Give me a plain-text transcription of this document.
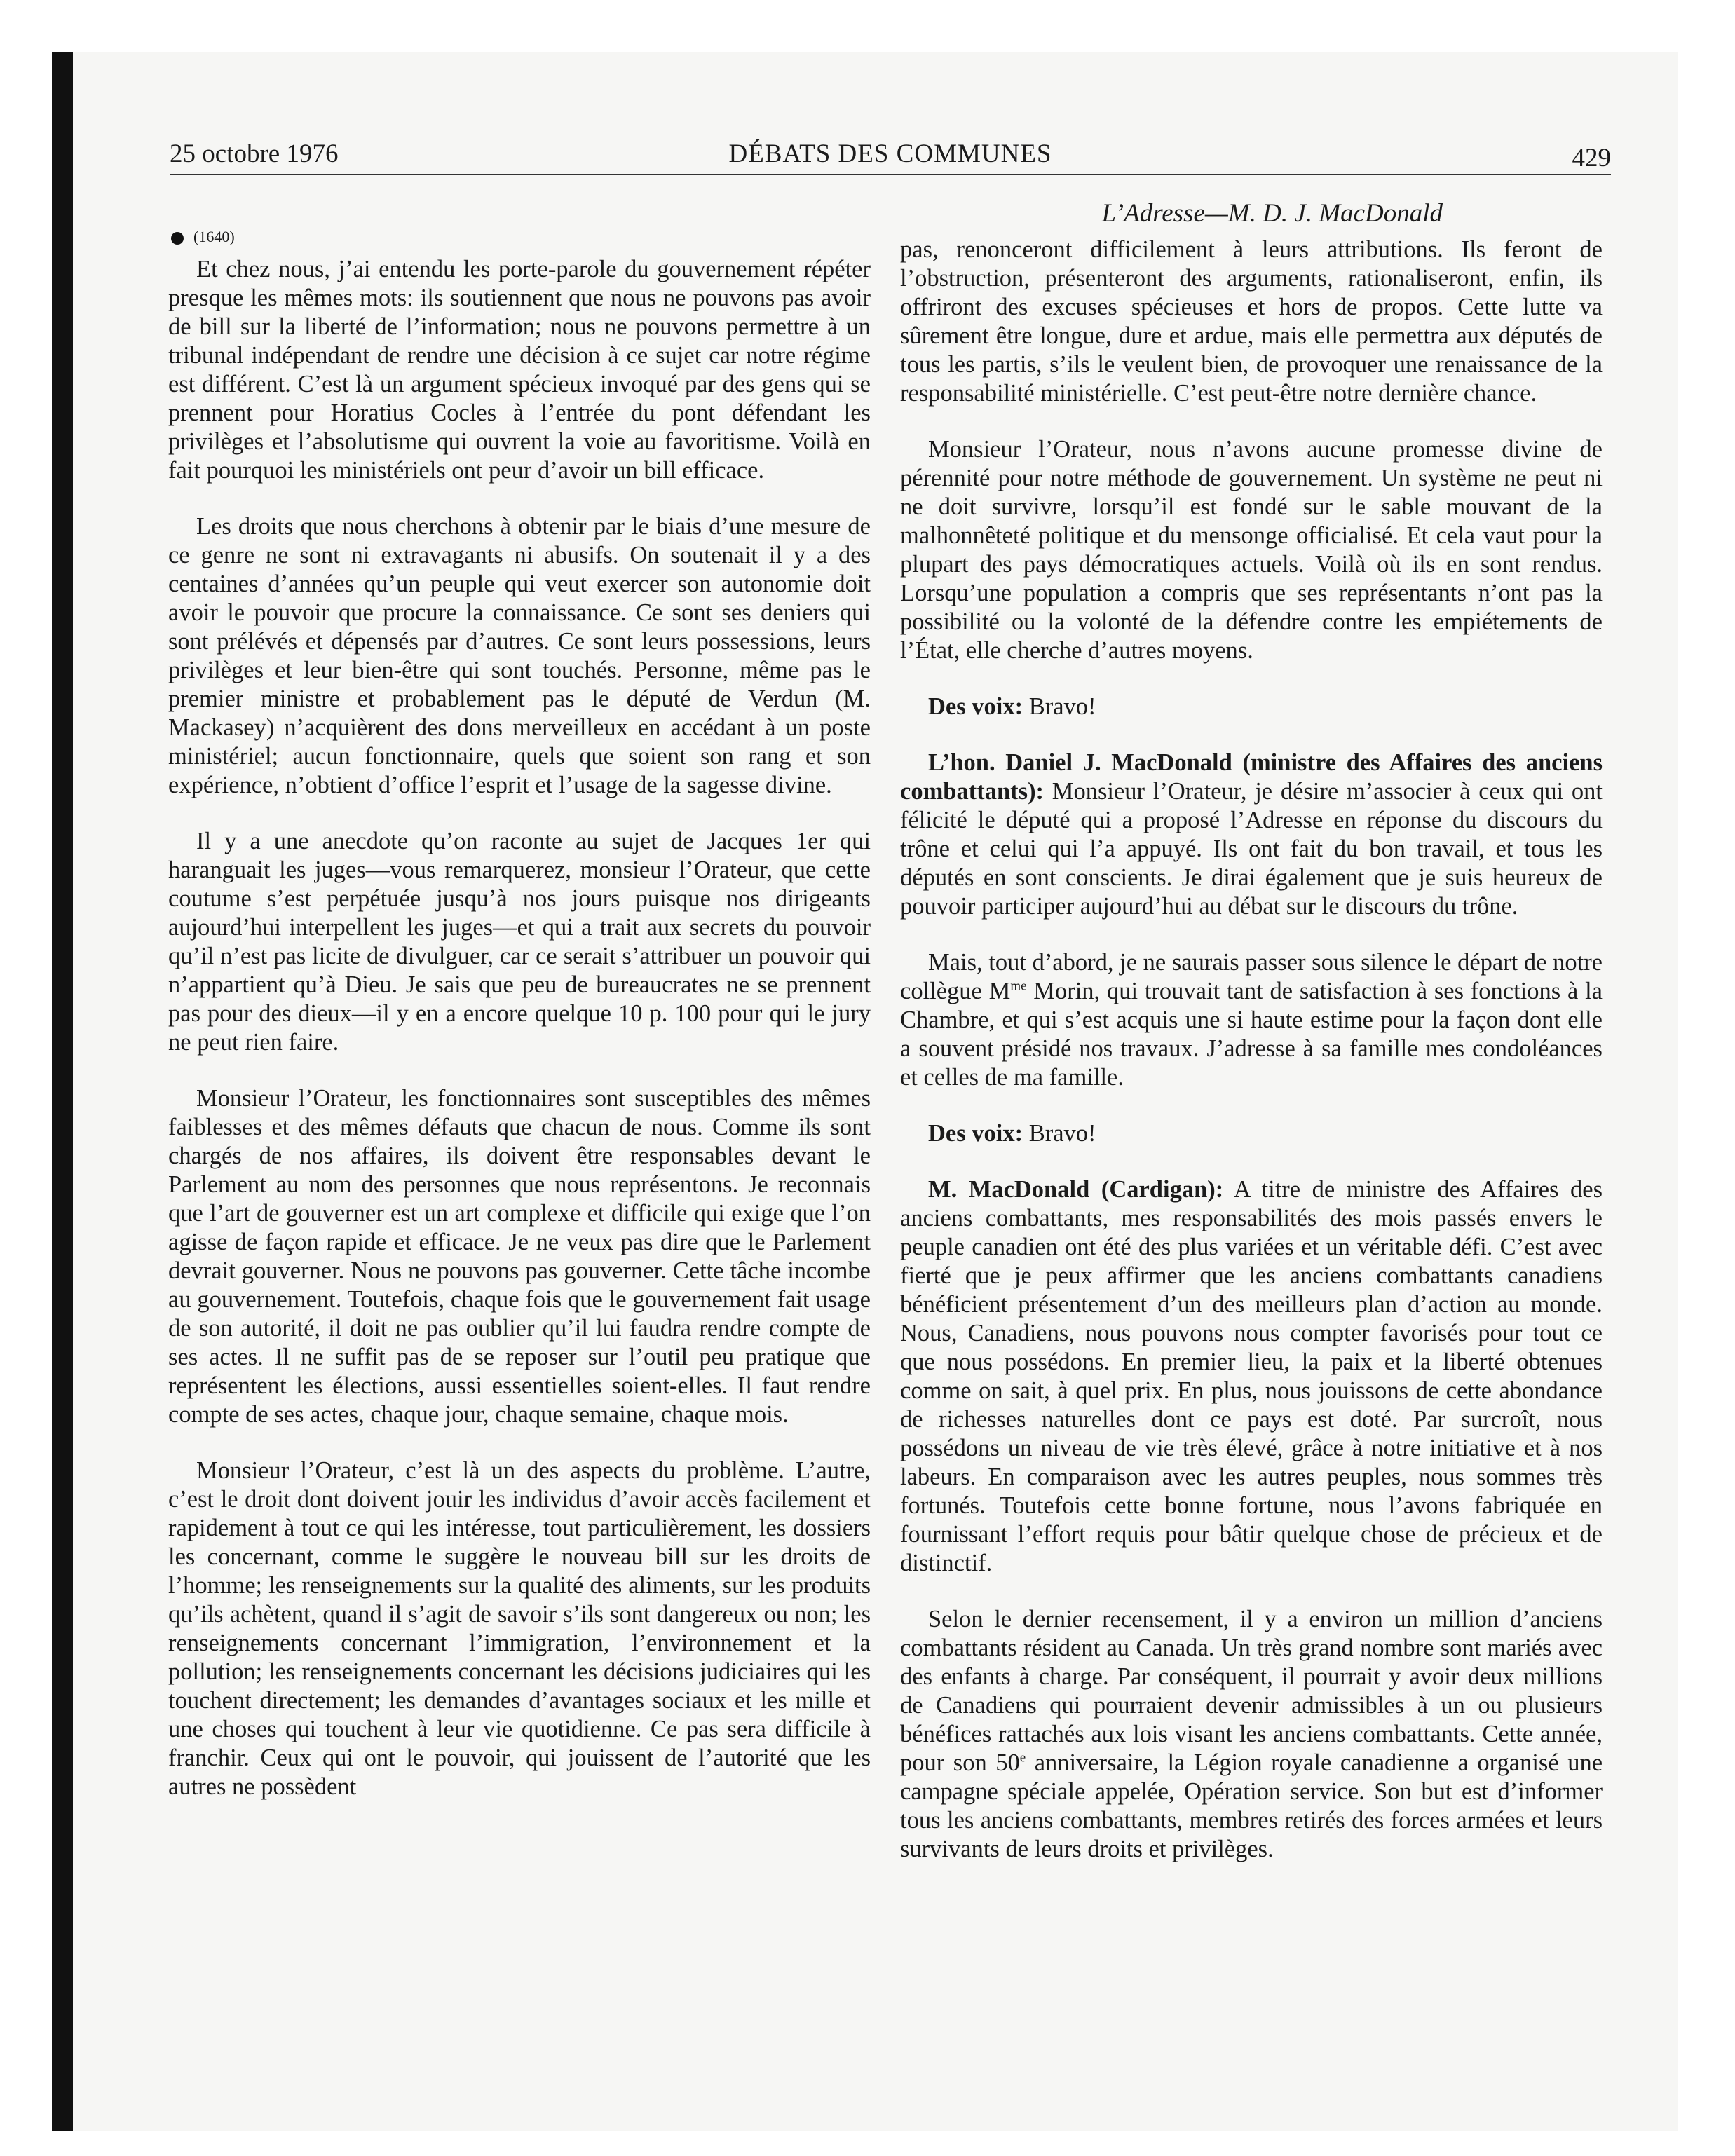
25 octobre 1976	DÉBATS DES COMMUNES	429
L’Adresse—M. D. J. MacDonald
(1640)

Et chez nous, j’ai entendu les porte-parole du gouvernement répéter presque les mêmes mots: ils soutiennent que nous ne pouvons pas avoir de bill sur la liberté de l’information; nous ne pouvons permettre à un tribunal indépendant de rendre une décision à ce sujet car notre régime est différent. C’est là un argument spécieux invoqué par des gens qui se prennent pour Horatius Cocles à l’entrée du pont défendant les privilèges et l’absolutisme qui ouvrent la voie au favoritisme. Voilà en fait pourquoi les ministériels ont peur d’avoir un bill efficace.

Les droits que nous cherchons à obtenir par le biais d’une mesure de ce genre ne sont ni extravagants ni abusifs. On soutenait il y a des centaines d’années qu’un peuple qui veut exercer son autonomie doit avoir le pouvoir que procure la connaissance. Ce sont ses deniers qui sont prélévés et dépensés par d’autres. Ce sont leurs possessions, leurs privilèges et leur bien-être qui sont touchés. Personne, même pas le premier ministre et probablement pas le député de Verdun (M. Mackasey) n’acquièrent des dons merveilleux en accédant à un poste ministériel; aucun fonctionnaire, quels que soient son rang et son expérience, n’obtient d’office l’esprit et l’usage de la sagesse divine.

Il y a une anecdote qu’on raconte au sujet de Jacques 1er qui haranguait les juges—vous remarquerez, monsieur l’Orateur, que cette coutume s’est perpétuée jusqu’à nos jours puisque nos dirigeants aujourd’hui interpellent les juges—et qui a trait aux secrets du pouvoir qu’il n’est pas licite de divulguer, car ce serait s’attribuer un pouvoir qui n’appartient qu’à Dieu. Je sais que peu de bureaucrates ne se prennent pas pour des dieux—il y en a encore quelque 10 p. 100 pour qui le jury ne peut rien faire.

Monsieur l’Orateur, les fonctionnaires sont susceptibles des mêmes faiblesses et des mêmes défauts que chacun de nous. Comme ils sont chargés de nos affaires, ils doivent être responsables devant le Parlement au nom des personnes que nous représentons. Je reconnais que l’art de gouverner est un art complexe et difficile qui exige que l’on agisse de façon rapide et efficace. Je ne veux pas dire que le Parlement devrait gouverner. Nous ne pouvons pas gouverner. Cette tâche incombe au gouvernement. Toutefois, chaque fois que le gouvernement fait usage de son autorité, il doit ne pas oublier qu’il lui faudra rendre compte de ses actes. Il ne suffit pas de se reposer sur l’outil peu pratique que représentent les élections, aussi essentielles soient-elles. Il faut rendre compte de ses actes, chaque jour, chaque semaine, chaque mois.

Monsieur l’Orateur, c’est là un des aspects du problème. L’autre, c’est le droit dont doivent jouir les individus d’avoir accès facilement et rapidement à tout ce qui les intéresse, tout particulièrement, les dossiers les concernant, comme le suggère le nouveau bill sur les droits de l’homme; les renseignements sur la qualité des aliments, sur les produits qu’ils achètent, quand il s’agit de savoir s’ils sont dangereux ou non; les renseignements concernant l’immigration, l’environnement et la pollution; les renseignements concernant les décisions judiciaires qui les touchent directement; les demandes d’avantages sociaux et les mille et une choses qui touchent à leur vie quotidienne. Ce pas sera difficile à franchir. Ceux qui ont le pouvoir, qui jouissent de l’autorité que les autres ne possèdent

pas, renonceront difficilement à leurs attributions. Ils feront de l’obstruction, présenteront des arguments, rationaliseront, enfin, ils offriront des excuses spécieuses et hors de propos. Cette lutte va sûrement être longue, dure et ardue, mais elle permettra aux députés de tous les partis, s’ils le veulent bien, de provoquer une renaissance de la responsabilité ministérielle. C’est peut-être notre dernière chance.

Monsieur l’Orateur, nous n’avons aucune promesse divine de pérennité pour notre méthode de gouvernement. Un système ne peut ni ne doit survivre, lorsqu’il est fondé sur le sable mouvant de la malhonnêteté politique et du mensonge officialisé. Et cela vaut pour la plupart des pays démocratiques actuels. Voilà où ils en sont rendus. Lorsqu’une population a compris que ses représentants n’ont pas la possibilité ou la volonté de la défendre contre les empiétements de l’État, elle cherche d’autres moyens.

Des voix: Bravo!

L’hon. Daniel J. MacDonald (ministre des Affaires des anciens combattants): Monsieur l’Orateur, je désire m’associer à ceux qui ont félicité le député qui a proposé l’Adresse en réponse du discours du trône et celui qui l’a appuyé. Ils ont fait du bon travail, et tous les députés en sont conscients. Je dirai également que je suis heureux de pouvoir participer aujourd’hui au débat sur le discours du trône.

Mais, tout d’abord, je ne saurais passer sous silence le départ de notre collègue $M^{me}$ Morin, qui trouvait tant de satisfaction à ses fonctions à la Chambre, et qui s’est acquis une si haute estime pour la façon dont elle a souvent présidé nos travaux. J’adresse à sa famille mes condoléances et celles de ma famille.

Des voix: Bravo!

M. MacDonald (Cardigan): A titre de ministre des Affaires des anciens combattants, mes responsabilités des mois passés envers le peuple canadien ont été des plus variées et un véritable défi. C’est avec fierté que je peux affirmer que les anciens combattants canadiens bénéficient présentement d’un des meilleurs plan d’action au monde. Nous, Canadiens, nous pouvons nous compter favorisés pour tout ce que nous possédons. En premier lieu, la paix et la liberté obtenues comme on sait, à quel prix. En plus, nous jouissons de cette abondance de richesses naturelles dont ce pays est doté. Par surcroît, nous possédons un niveau de vie très élevé, grâce à notre initiative et à nos labeurs. En comparaison avec les autres peuples, nous sommes très fortunés. Toutefois cette bonne fortune, nous l’avons fabriquée en fournissant l’effort requis pour bâtir quelque chose de précieux et de distinctif.

Selon le dernier recensement, il y a environ un million d’anciens combattants résident au Canada. Un très grand nombre sont mariés avec des enfants à charge. Par conséquent, il pourrait y avoir deux millions de Canadiens qui pourraient devenir admissibles à un ou plusieurs bénéfices rattachés aux lois visant les anciens combattants. Cette année, pour son 50e anniversaire, la Légion royale canadienne a organisé une campagne spéciale appelée, Opération service. Son but est d’informer tous les anciens combattants, membres retirés des forces armées et leurs survivants de leurs droits et privilèges.
